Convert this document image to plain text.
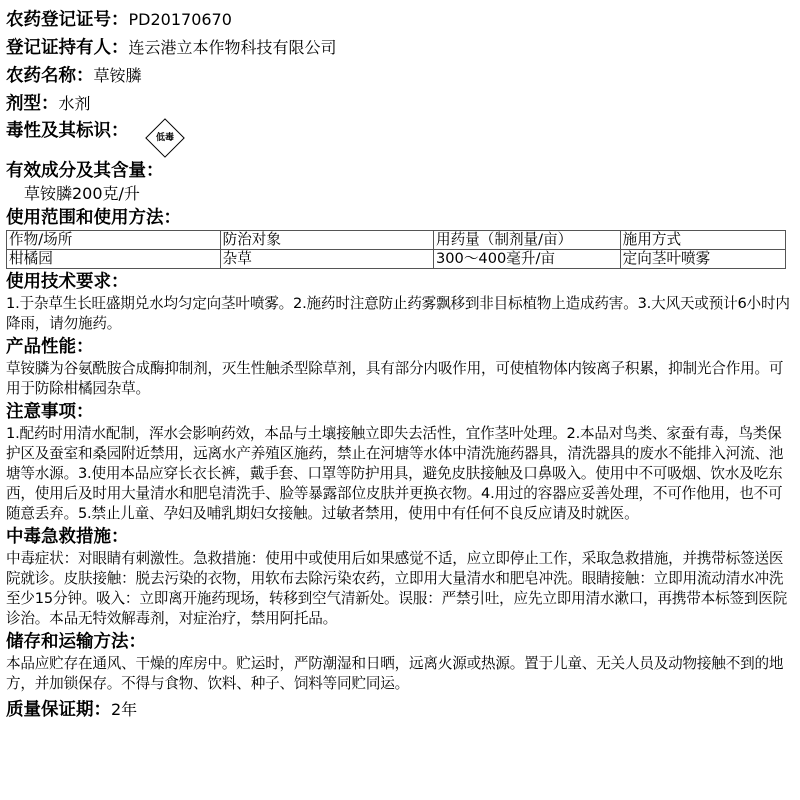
农药登记证号：PD20170670
登记证持有人：连云港立本作物科技有限公司
农药名称：草铵膦
剂型：水剂
毒性及其标识：	低毒
有效成分及其含量：
草铵膦200克/升
使用范围和使用方法：
作物/场所	防治对象	用药量（制剂量/亩）	施用方式
柑橘园	杂草	300～400毫升/亩	定向茎叶喷雾
使用技术要求：

1.于杂草生长旺盛期兑水均匀定向茎叶喷雾。2.施药时注意防止药雾飘移到非目标植物上造成药害。3.大风天或预计6小时内降雨，请勿施药。

产品性能：

草铵膦为谷氨酰胺合成酶抑制剂，灭生性触杀型除草剂，具有部分内吸作用，可使植物体内铵离子积累，抑制光合作用。可用于防除柑橘园杂草。

注意事项：

1.配药时用清水配制，浑水会影响药效，本品与土壤接触立即失去活性，宜作茎叶处理。2.本品对鸟类、家蚕有毒，鸟类保护区及蚕室和桑园附近禁用，远离水产养殖区施药，禁止在河塘等水体中清洗施药器具，清洗器具的废水不能排入河流、池塘等水源。3.使用本品应穿长衣长裤，戴手套、口罩等防护用具，避免皮肤接触及口鼻吸入。使用中不可吸烟、饮水及吃东西，使用后及时用大量清水和肥皂清洗手、脸等暴露部位皮肤并更换衣物。4.用过的容器应妥善处理，不可作他用，也不可随意丢弃。5.禁止儿童、孕妇及哺乳期妇女接触。过敏者禁用，使用中有任何不良反应请及时就医。

中毒急救措施：

中毒症状：对眼睛有刺激性。急救措施：使用中或使用后如果感觉不适，应立即停止工作，采取急救措施，并携带标签送医院就诊。皮肤接触：脱去污染的衣物，用软布去除污染农药，立即用大量清水和肥皂冲洗。眼睛接触：立即用流动清水冲洗至少15分钟。吸入：立即离开施药现场，转移到空气清新处。误服：严禁引吐，应先立即用清水漱口，再携带本标签到医院诊治。本品无特效解毒剂，对症治疗，禁用阿托品。

储存和运输方法：

本品应贮存在通风、干燥的库房中。贮运时，严防潮湿和日晒，远离火源或热源。置于儿童、无关人员及动物接触不到的地方，并加锁保存。不得与食物、饮料、种子、饲料等同贮同运。

质量保证期：2年
